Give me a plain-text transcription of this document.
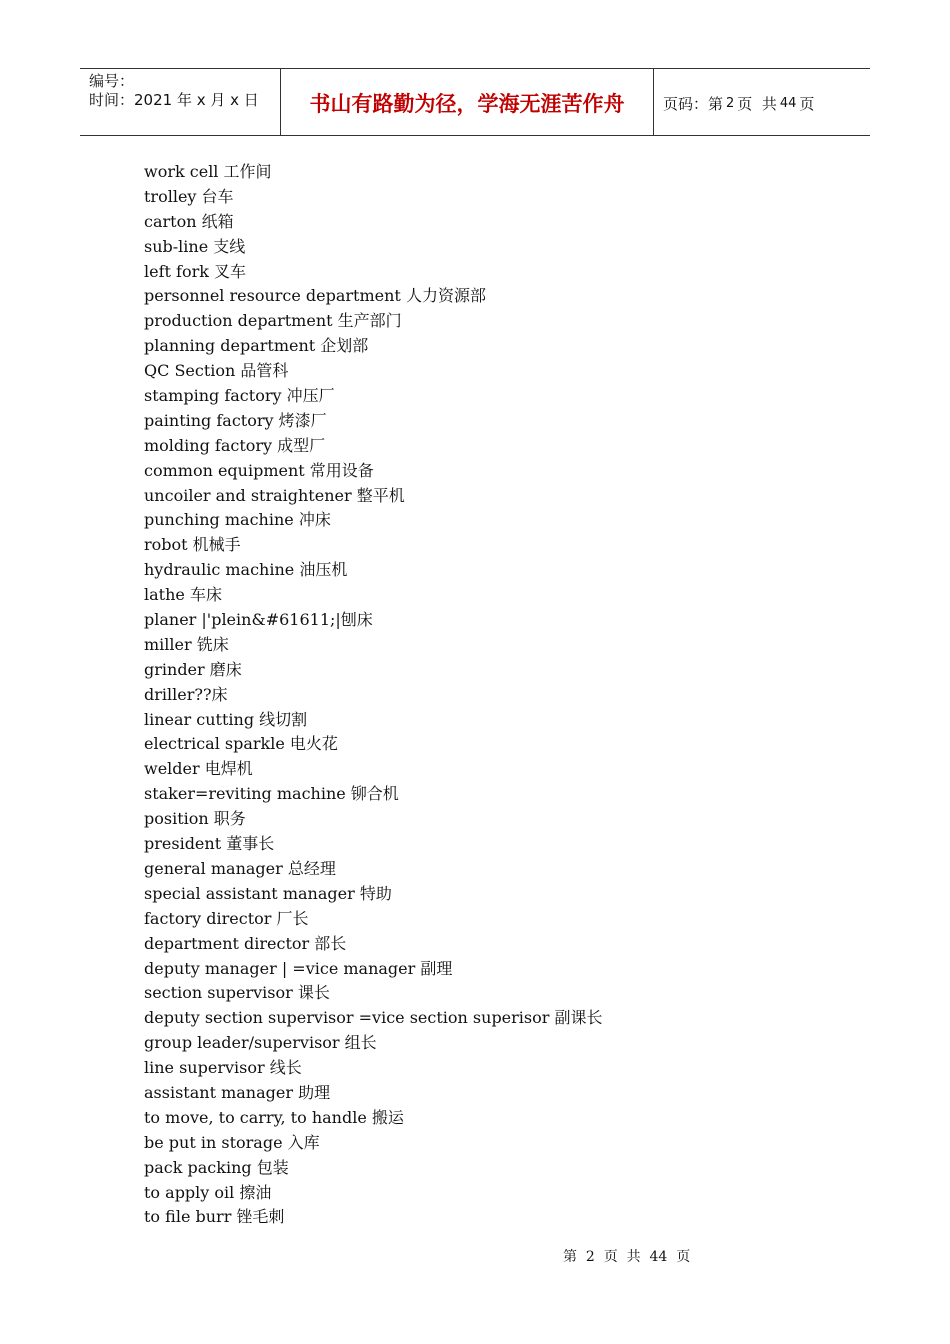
编号：
时间：2021 年 x 月 x 日	书山有路勤为径，学海无涯苦作舟	页码：第 2 页  共 44 页
work cell 工作间
trolley 台车
carton 纸箱
sub-line 支线
left fork 叉车
personnel resource department 人力资源部
production department 生产部门
planning department 企划部
QC Section 品管科
stamping factory 冲压厂
painting factory 烤漆厂
molding factory 成型厂
common equipment 常用设备
uncoiler and straightener 整平机
punching machine 冲床
robot 机械手
hydraulic machine 油压机
lathe 车床
planer |'plein&#61611;|刨床
miller 铣床
grinder 磨床
driller??床
linear cutting 线切割
electrical sparkle 电火花
welder 电焊机
staker=reviting machine 铆合机
position 职务
president 董事长
general manager 总经理
special assistant manager 特助
factory director 厂长
department director 部长
deputy manager | =vice manager 副理
section supervisor 课长
deputy section supervisor =vice section superisor 副课长
group leader/supervisor 组长
line supervisor 线长
assistant manager 助理
to move, to carry, to handle 搬运
be put in storage 入库
pack packing 包装
to apply oil 擦油
to file burr 锉毛刺
第  2  页  共  44  页
